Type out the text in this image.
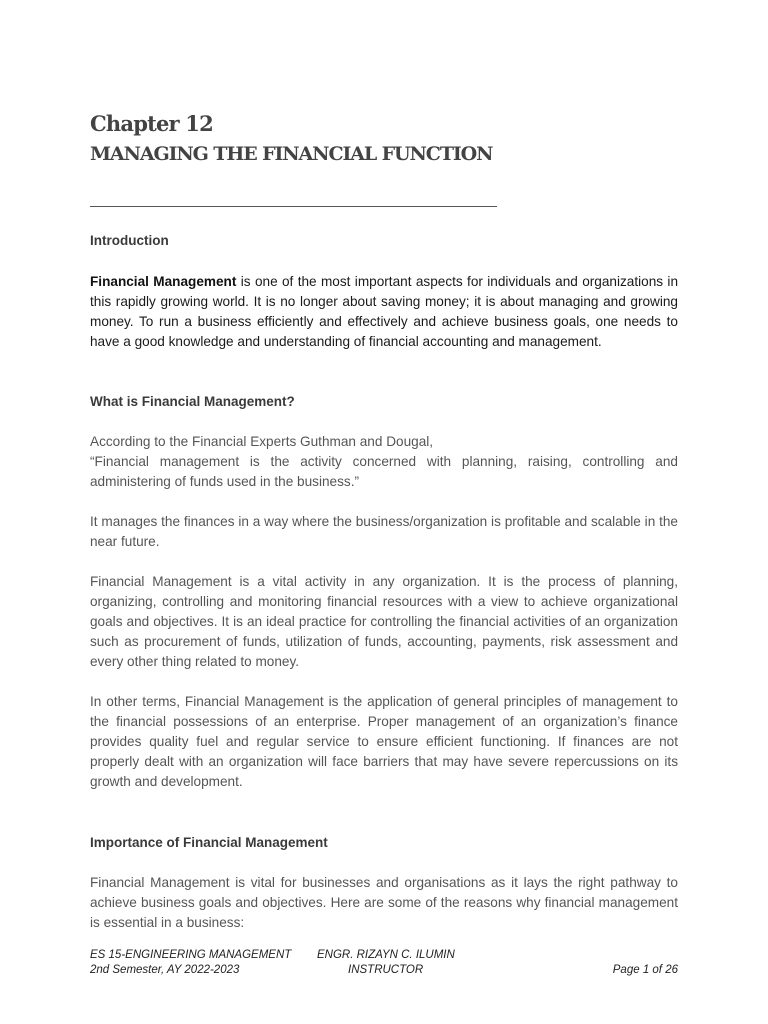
Chapter 12
MANAGING THE FINANCIAL FUNCTION
Introduction

Financial Management is one of the most important aspects for individuals and organizations in this rapidly growing world. It is no longer about saving money; it is about managing and growing money. To run a business efficiently and effectively and achieve business goals, one needs to have a good knowledge and understanding of financial accounting and management.

What is Financial Management?

According to the Financial Experts Guthman and Dougal,
“Financial management is the activity concerned with planning, raising, controlling and administering of funds used in the business.”

It manages the finances in a way where the business/organization is profitable and scalable in the near future.

Financial Management is a vital activity in any organization. It is the process of planning, organizing, controlling and monitoring financial resources with a view to achieve organizational goals and objectives. It is an ideal practice for controlling the financial activities of an organization such as procurement of funds, utilization of funds, accounting, payments, risk assessment and every other thing related to money.

In other terms, Financial Management is the application of general principles of management to the financial possessions of an enterprise. Proper management of an organization’s finance provides quality fuel and regular service to ensure efficient functioning. If finances are not properly dealt with an organization will face barriers that may have severe repercussions on its growth and development.

Importance of Financial Management

Financial Management is vital for businesses and organisations as it lays the right pathway to achieve business goals and objectives. Here are some of the reasons why financial management is essential in a business:

ES 15-ENGINEERING MANAGEMENT
2nd Semester, AY 2022-2023
ENGR. RIZAYN C. ILUMIN
INSTRUCTOR	Page 1 of 26
